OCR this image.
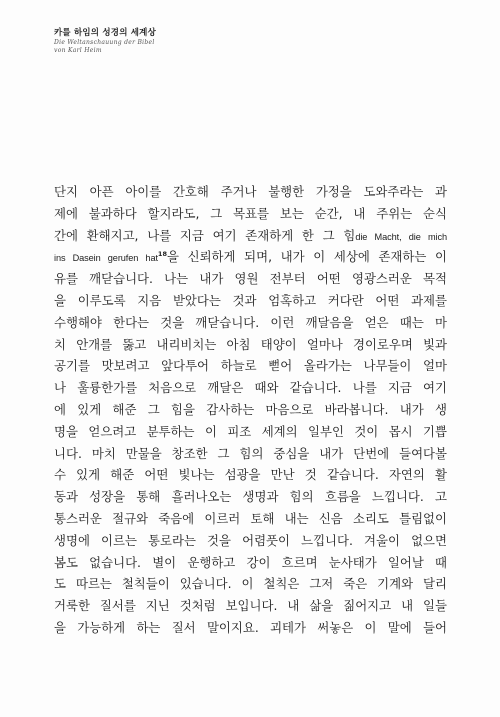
카를 하임의 성경의 세계상
Die Weltanschauung der Bibel
von Karl Heim
단지 아픈 아이를 간호해 주거나 불행한 가정을 도와주라는 과
제에 불과하다 할지라도, 그 목표를 보는 순간, 내 주위는 순식
간에 환해지고, 나를 지금 여기 존재하게 한 그 힘die Macht, die mich
ins Dasein gerufen hat$^{18}$을 신뢰하게 되며, 내가 이 세상에 존재하는 이
유를 깨닫습니다. 나는 내가 영원 전부터 어떤 영광스러운 목적
을 이루도록 지음 받았다는 것과 엄혹하고 커다란 어떤 과제를
수행해야 한다는 것을 깨닫습니다. 이런 깨달음을 얻은 때는 마
치 안개를 뚫고 내리비치는 아침 태양이 얼마나 경이로우며 빛과
공기를 맛보려고 앞다투어 하늘로 뻗어 올라가는 나무들이 얼마
나 훌륭한가를 처음으로 깨달은 때와 같습니다. 나를 지금 여기
에 있게 해준 그 힘을 감사하는 마음으로 바라봅니다. 내가 생
명을 얻으려고 분투하는 이 피조 세계의 일부인 것이 몹시 기쁩
니다. 마치 만물을 창조한 그 힘의 중심을 내가 단번에 들여다볼
수 있게 해준 어떤 빛나는 섬광을 만난 것 같습니다. 자연의 활
동과 성장을 통해 흘러나오는 생명과 힘의 흐름을 느낍니다. 고
통스러운 절규와 죽음에 이르러 토해 내는 신음 소리도 틀림없이
생명에 이르는 통로라는 것을 어렴풋이 느낍니다. 겨울이 없으면
봄도 없습니다. 별이 운행하고 강이 흐르며 눈사태가 일어날 때
도 따르는 철칙들이 있습니다. 이 철칙은 그저 죽은 기계와 달리
거룩한 질서를 지닌 것처럼 보입니다. 내 삶을 짊어지고 내 일들
을 가능하게 하는 질서 말이지요. 괴테가 써놓은 이 말에 들어
